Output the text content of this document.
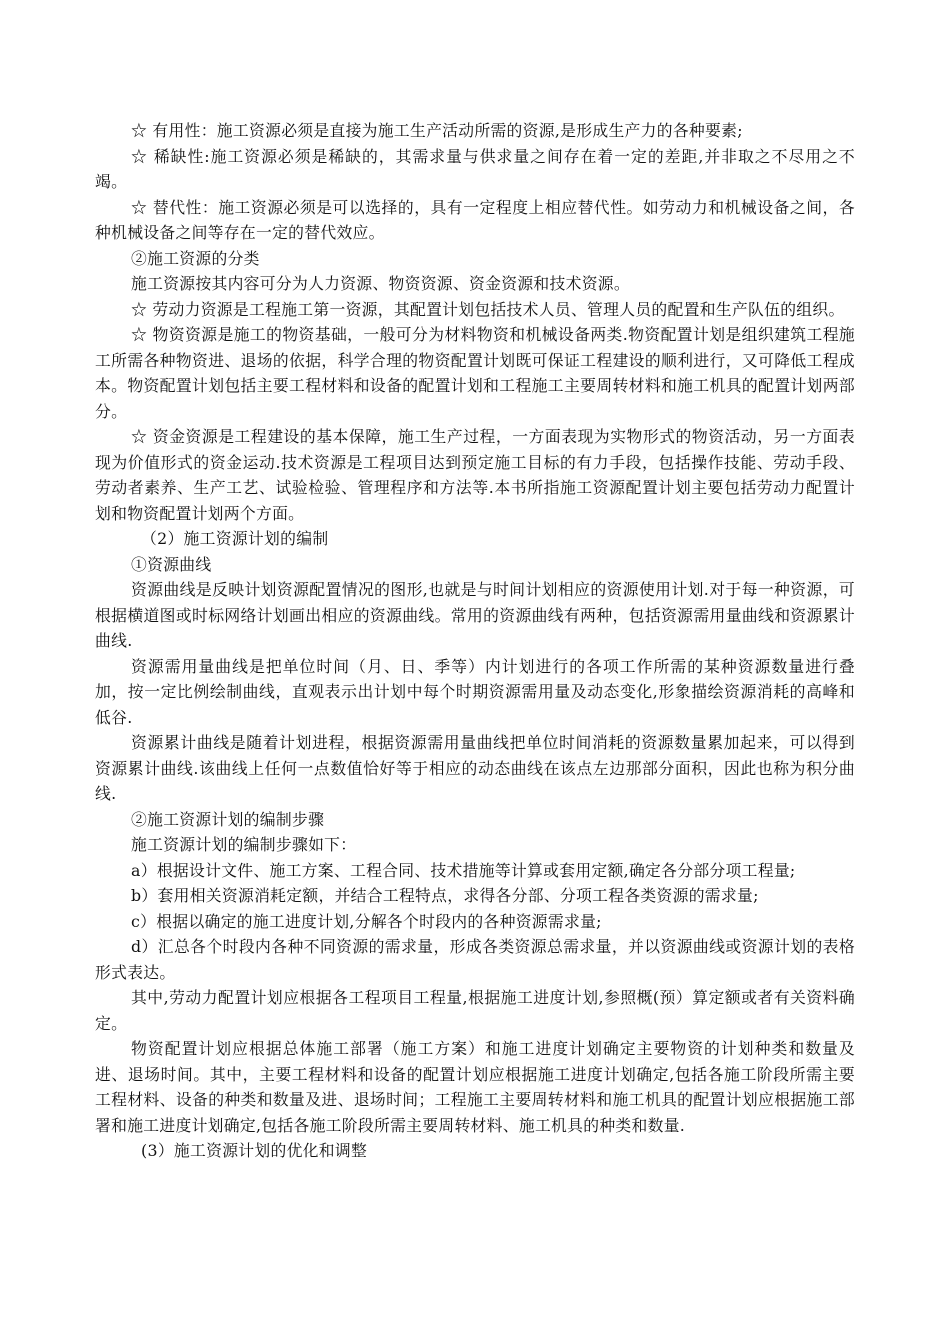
☆ 有用性：施工资源必须是直接为施工生产活动所需的资源,是形成生产力的各种要素;

☆ 稀缺性:施工资源必须是稀缺的，其需求量与供求量之间存在着一定的差距,并非取之不尽用之不竭。

☆ 替代性：施工资源必须是可以选择的，具有一定程度上相应替代性。如劳动力和机械设备之间，各种机械设备之间等存在一定的替代效应。

②施工资源的分类

施工资源按其内容可分为人力资源、物资资源、资金资源和技术资源。

☆ 劳动力资源是工程施工第一资源，其配置计划包括技术人员、管理人员的配置和生产队伍的组织。

☆ 物资资源是施工的物资基础，一般可分为材料物资和机械设备两类.物资配置计划是组织建筑工程施工所需各种物资进、退场的依据，科学合理的物资配置计划既可保证工程建设的顺利进行，又可降低工程成本。物资配置计划包括主要工程材料和设备的配置计划和工程施工主要周转材料和施工机具的配置计划两部分。

☆ 资金资源是工程建设的基本保障，施工生产过程，一方面表现为实物形式的物资活动，另一方面表现为价值形式的资金运动.技术资源是工程项目达到预定施工目标的有力手段，包括操作技能、劳动手段、劳动者素养、生产工艺、试验检验、管理程序和方法等.本书所指施工资源配置计划主要包括劳动力配置计划和物资配置计划两个方面。

（2）施工资源计划的编制

①资源曲线

资源曲线是反映计划资源配置情况的图形,也就是与时间计划相应的资源使用计划.对于每一种资源，可根据横道图或时标网络计划画出相应的资源曲线。常用的资源曲线有两种，包括资源需用量曲线和资源累计曲线.

资源需用量曲线是把单位时间（月、日、季等）内计划进行的各项工作所需的某种资源数量进行叠加，按一定比例绘制曲线，直观表示出计划中每个时期资源需用量及动态变化,形象描绘资源消耗的高峰和低谷.

资源累计曲线是随着计划进程，根据资源需用量曲线把单位时间消耗的资源数量累加起来，可以得到资源累计曲线.该曲线上任何一点数值恰好等于相应的动态曲线在该点左边那部分面积，因此也称为积分曲线.

②施工资源计划的编制步骤

施工资源计划的编制步骤如下：

a）根据设计文件、施工方案、工程合同、技术措施等计算或套用定额,确定各分部分项工程量;

b）套用相关资源消耗定额，并结合工程特点，求得各分部、分项工程各类资源的需求量;

c）根据以确定的施工进度计划,分解各个时段内的各种资源需求量;

d）汇总各个时段内各种不同资源的需求量，形成各类资源总需求量，并以资源曲线或资源计划的表格形式表达。

其中,劳动力配置计划应根据各工程项目工程量,根据施工进度计划,参照概(预）算定额或者有关资料确定。

物资配置计划应根据总体施工部署（施工方案）和施工进度计划确定主要物资的计划种类和数量及进、退场时间。其中，主要工程材料和设备的配置计划应根据施工进度计划确定,包括各施工阶段所需主要工程材料、设备的种类和数量及进、退场时间；工程施工主要周转材料和施工机具的配置计划应根据施工部署和施工进度计划确定,包括各施工阶段所需主要周转材料、施工机具的种类和数量.

(3）施工资源计划的优化和调整
